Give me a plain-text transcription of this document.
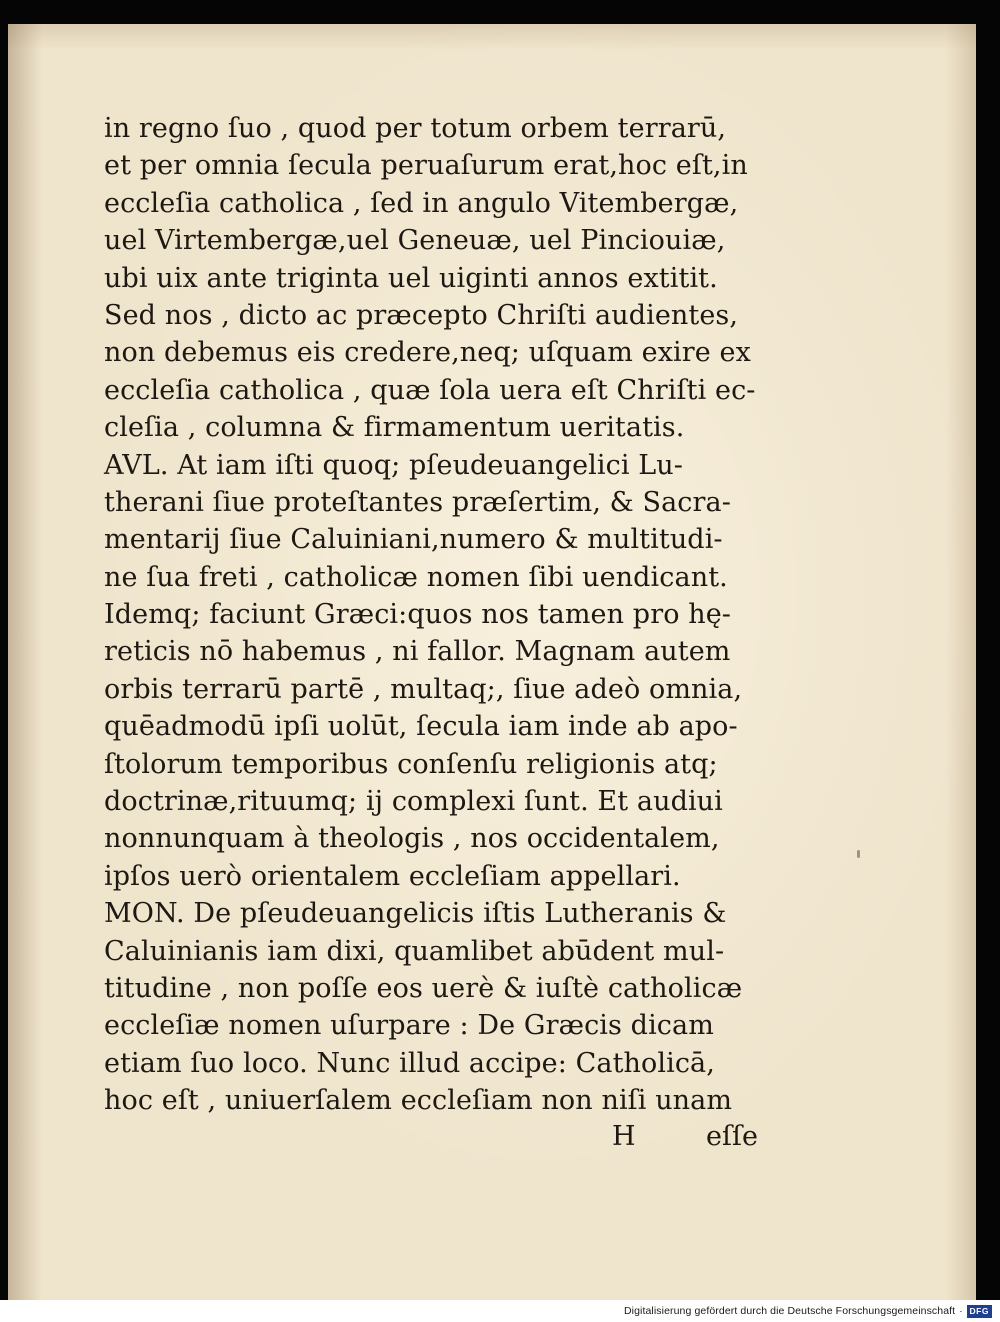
in regno ſuo , quod per totum orbem terrarū,
et per omnia ſecula peruaſurum erat,hoc eſt,in
eccleſia catholica , ſed in angulo Vitembergæ,
uel Virtembergæ,uel Geneuæ, uel Pinciouiæ,
ubi uix ante triginta uel uiginti annos extitit.
Sed nos , dicto ac præcepto Chriſti audientes,
non debemus eis credere,neq; uſquam exire ex
eccleſia catholica , quæ ſola uera eſt Chriſti ec-
cleſia , columna & firmamentum ueritatis.
AVL. At iam iſti quoq; pſeudeuangelici Lu-
therani ſiue proteſtantes præſertim, & Sacra-
mentarij ſiue Caluiniani,numero & multitudi-
ne ſua freti , catholicæ nomen ſibi uendicant.
Idemq; faciunt Græci:quos nos tamen pro hę-
reticis nō habemus , ni fallor. Magnam autem
orbis terrarū partē , multaq;, ſiue adeò omnia,
quēadmodū ipſi uolūt, ſecula iam inde ab apo-
ſtolorum temporibus conſenſu religionis atq;
doctrinæ,rituumq; ij complexi ſunt. Et audiui
nonnunquam à theologis , nos occidentalem,
ipſos uerò orientalem eccleſiam appellari.
MON. De pſeudeuangelicis iſtis Lutheranis &
Caluinianis iam dixi, quamlibet abūdent mul-
titudine , non poſſe eos uerè & iuſtè catholicæ
eccleſiæ nomen uſurpare : De Græcis dicam
etiam ſuo loco. Nunc illud accipe: Catholicā,
hoc eſt , uniuerſalem eccleſiam non niſi unam
H	eſſe
Digitalisierung gefördert durch die Deutsche Forschungsgemeinschaft · DFG
